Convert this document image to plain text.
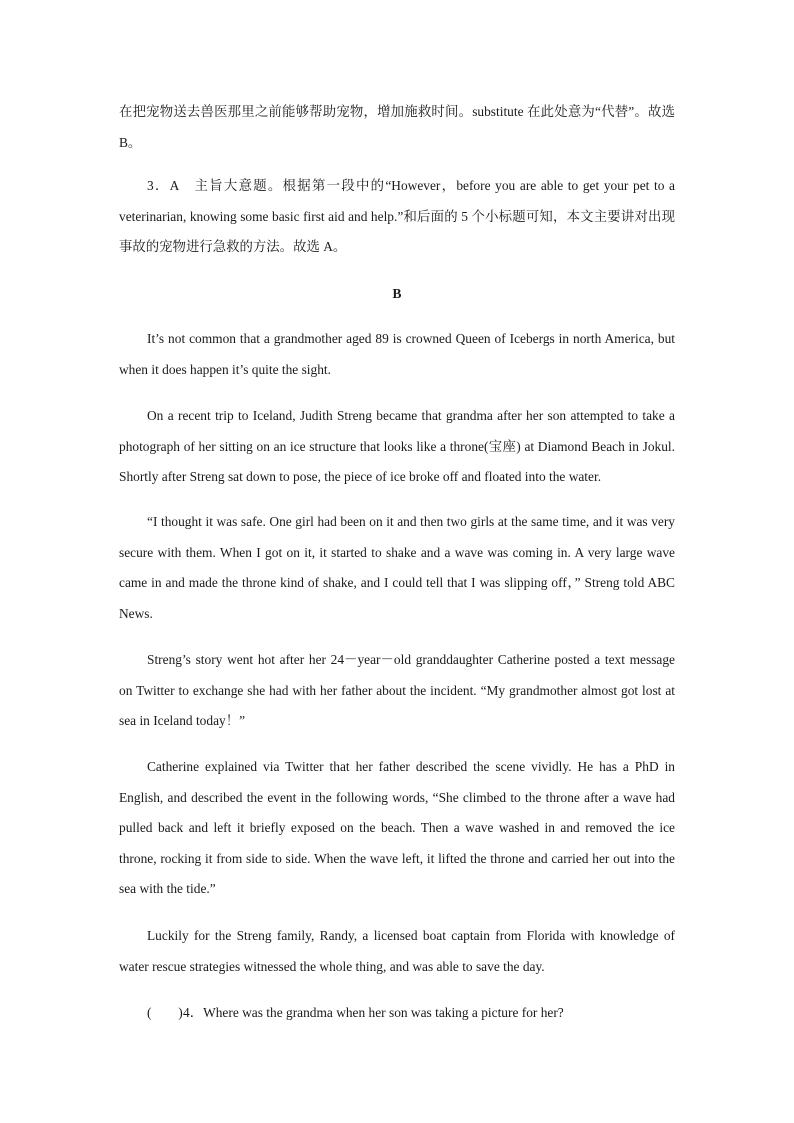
在把宠物送去兽医那里之前能够帮助宠物，增加施救时间。substitute 在此处意为“代替”。故选 B。

3．A　主旨大意题。根据第一段中的“However，before you are able to get your pet to a veterinarian, knowing some basic first aid and help.”和后面的 5 个小标题可知，本文主要讲对出现事故的宠物进行急救的方法。故选 A。

B

It’s not common that a grandmother aged 89 is crowned Queen of Icebergs in north America, but when it does happen it’s quite the sight.

On a recent trip to Iceland, Judith Streng became that grandma after her son attempted to take a photograph of her sitting on an ice structure that looks like a throne(宝座) at Diamond Beach in Jokul. Shortly after Streng sat down to pose, the piece of ice broke off and floated into the water.

“I thought it was safe. One girl had been on it and then two girls at the same time, and it was very secure with them. When I got on it, it started to shake and a wave was coming in. A very large wave came in and made the throne kind of shake, and I could tell that I was slipping off，” Streng told ABC News.

Streng’s story went hot after her 24－year－old granddaughter Catherine posted a text message on Twitter to exchange she had with her father about the incident. “My grandmother almost got lost at sea in Iceland today！”

Catherine explained via Twitter that her father described the scene vividly. He has a PhD in English, and described the event in the following words, “She climbed to the throne after a wave had pulled back and left it briefly exposed on the beach. Then a wave washed in and removed the ice throne, rocking it from side to side. When the wave left, it lifted the throne and carried her out into the sea with the tide.”

Luckily for the Streng family, Randy, a licensed boat captain from Florida with knowledge of water rescue strategies witnessed the whole thing, and was able to save the day.

(　　)4．Where was the grandma when her son was taking a picture for her?
